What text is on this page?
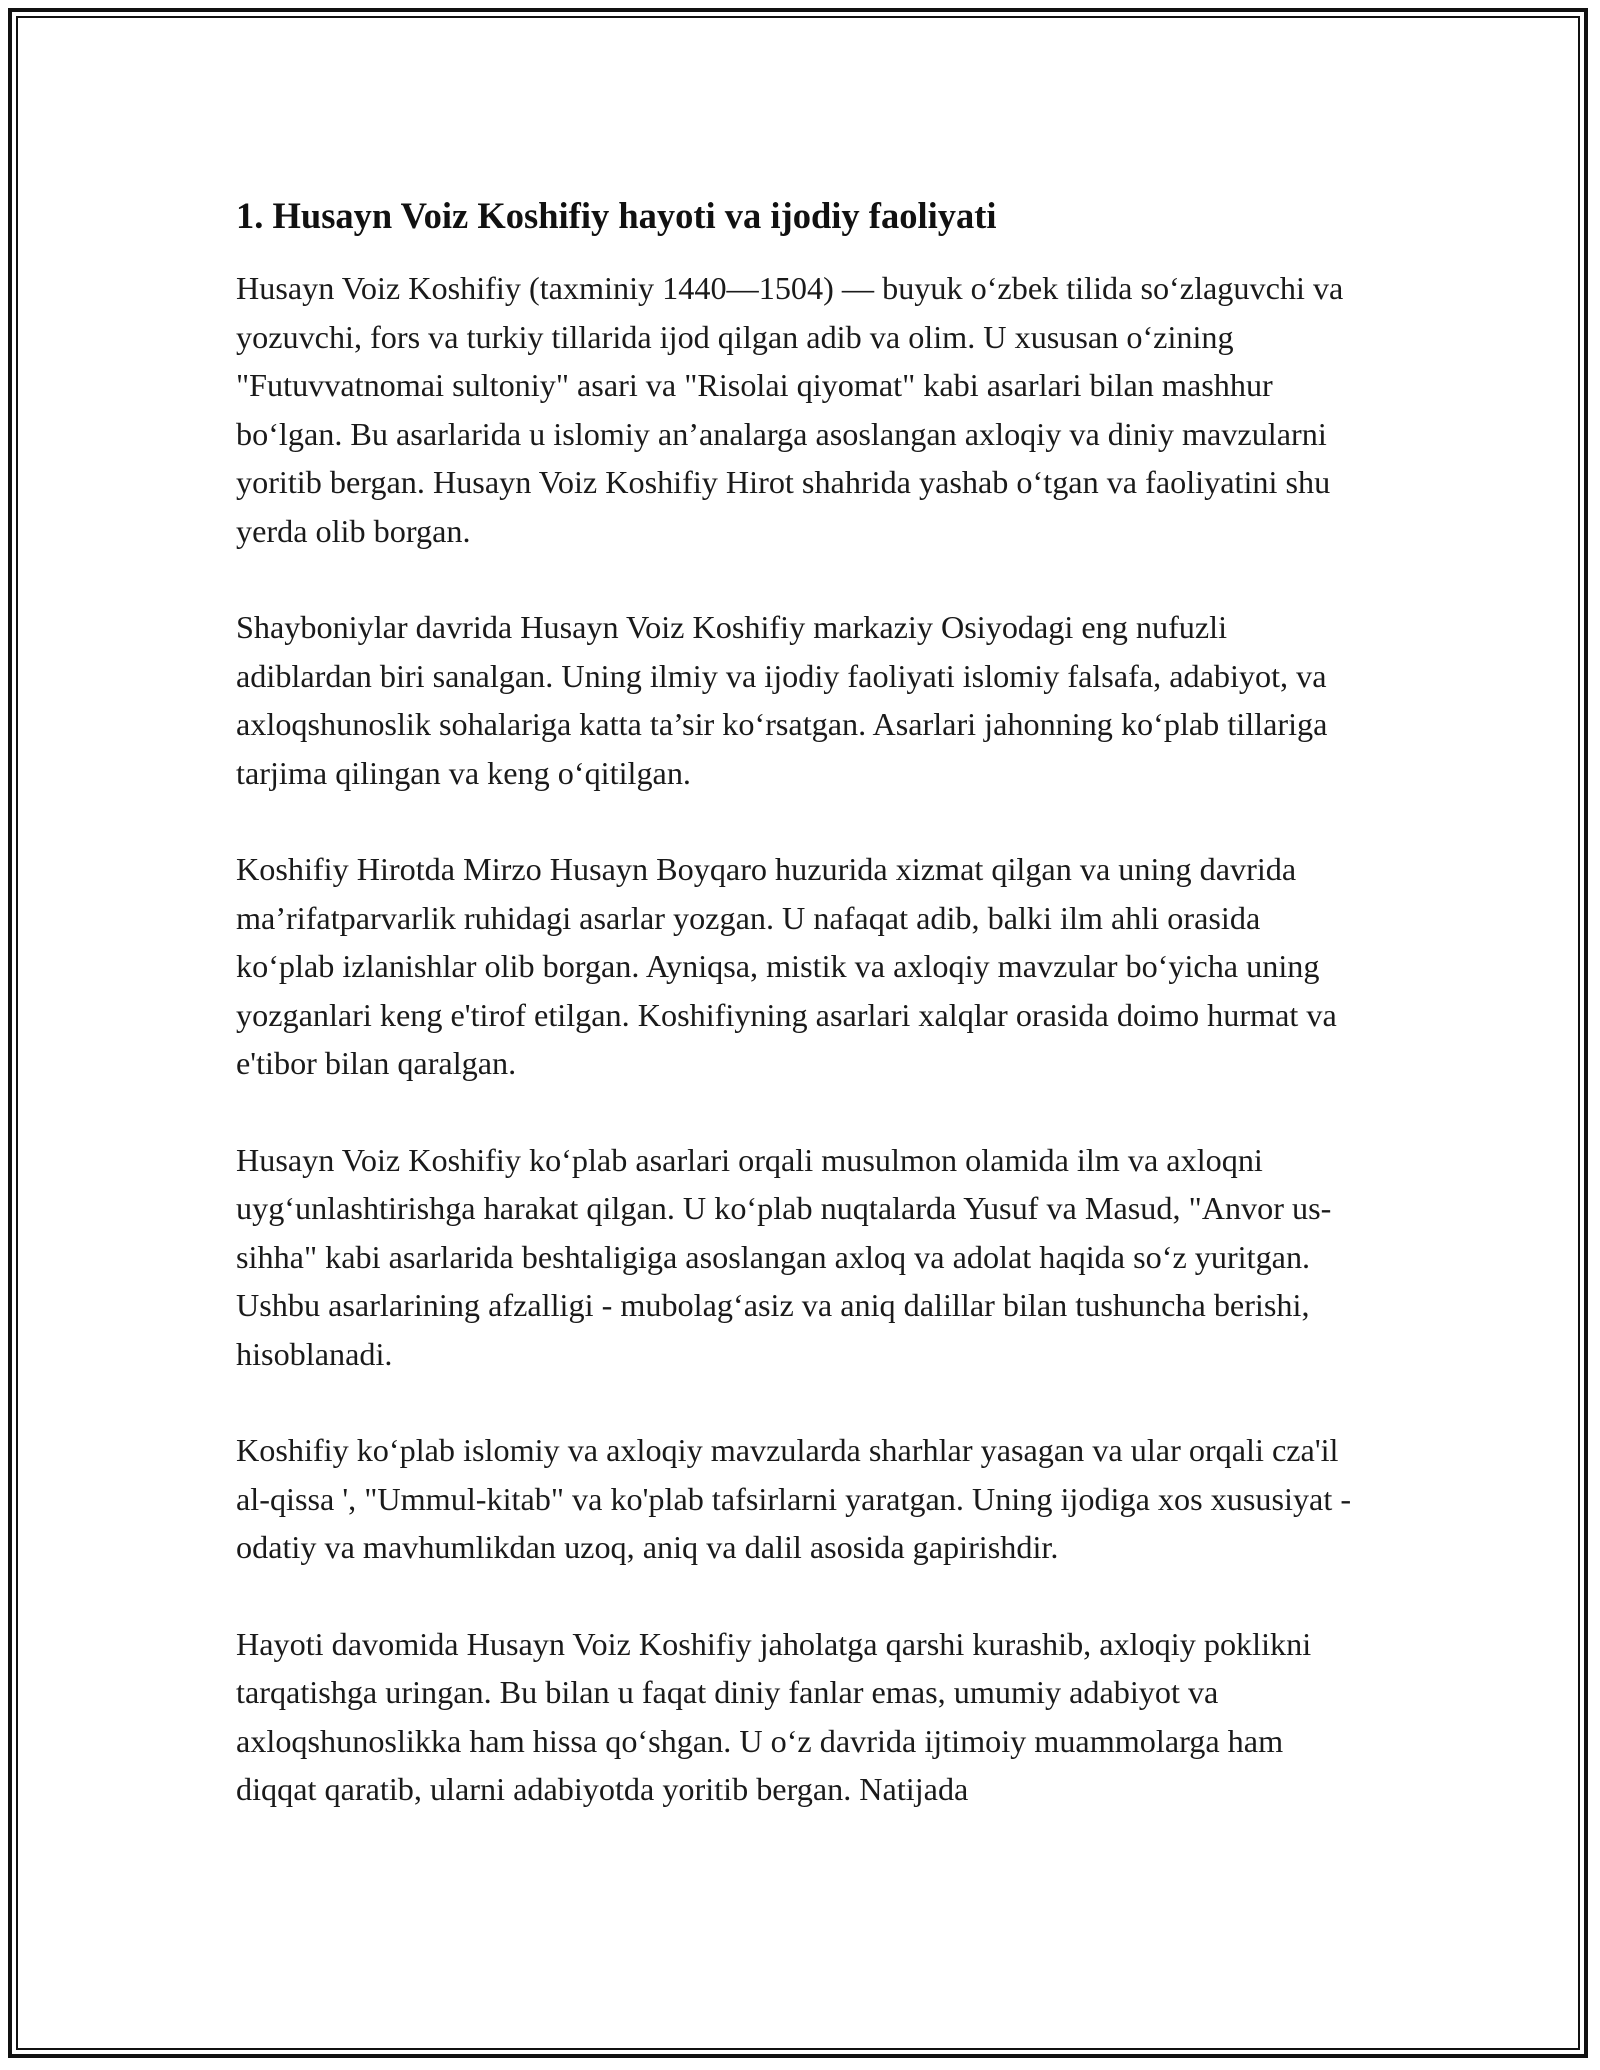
1. Husayn Voiz Koshifiy hayoti va ijodiy faoliyati

Husayn Voiz Koshifiy (taxminiy 1440—1504) — buyuk o‘zbek tilida so‘zlaguvchi va yozuvchi, fors va turkiy tillarida ijod qilgan adib va olim. U xususan o‘zining "Futuvvatnomai sultoniy" asari va "Risolai qiyomat" kabi asarlari bilan mashhur bo‘lgan. Bu asarlarida u islomiy an’analarga asoslangan axloqiy va diniy mavzularni yoritib bergan. Husayn Voiz Koshifiy Hirot shahrida yashab o‘tgan va faoliyatini shu yerda olib borgan.

Shayboniylar davrida Husayn Voiz Koshifiy markaziy Osiyodagi eng nufuzli adiblardan biri sanalgan. Uning ilmiy va ijodiy faoliyati islomiy falsafa, adabiyot, va axloqshunoslik sohalariga katta ta’sir ko‘rsatgan. Asarlari jahonning ko‘plab tillariga tarjima qilingan va keng o‘qitilgan.

Koshifiy Hirotda Mirzo Husayn Boyqaro huzurida xizmat qilgan va uning davrida ma’rifatparvarlik ruhidagi asarlar yozgan. U nafaqat adib, balki ilm ahli orasida ko‘plab izlanishlar olib borgan. Ayniqsa, mistik va axloqiy mavzular bo‘yicha uning yozganlari keng e'tirof etilgan. Koshifiyning asarlari xalqlar orasida doimo hurmat va e'tibor bilan qaralgan.

Husayn Voiz Koshifiy ko‘plab asarlari orqali musulmon olamida ilm va axloqni uyg‘unlashtirishga harakat qilgan. U ko‘plab nuqtalarda Yusuf va Masud, "Anvor us-sihha" kabi asarlarida beshtaligiga asoslangan axloq va adolat haqida so‘z yuritgan. Ushbu asarlarining afzalligi - mubolag‘asiz va aniq dalillar bilan tushuncha berishi, hisoblanadi.

Koshifiy ko‘plab islomiy va axloqiy mavzularda sharhlar yasagan va ular orqali cza'il al-qissa ', "Ummul-kitab" va ko'plab tafsirlarni yaratgan. Uning ijodiga xos xususiyat - odatiy va mavhumlikdan uzoq, aniq va dalil asosida gapirishdir.

Hayoti davomida Husayn Voiz Koshifiy jaholatga qarshi kurashib, axloqiy poklikni tarqatishga uringan. Bu bilan u faqat diniy fanlar emas, umumiy adabiyot va axloqshunoslikka ham hissa qo‘shgan. U o‘z davrida ijtimoiy muammolarga ham diqqat qaratib, ularni adabiyotda yoritib bergan. Natijada
